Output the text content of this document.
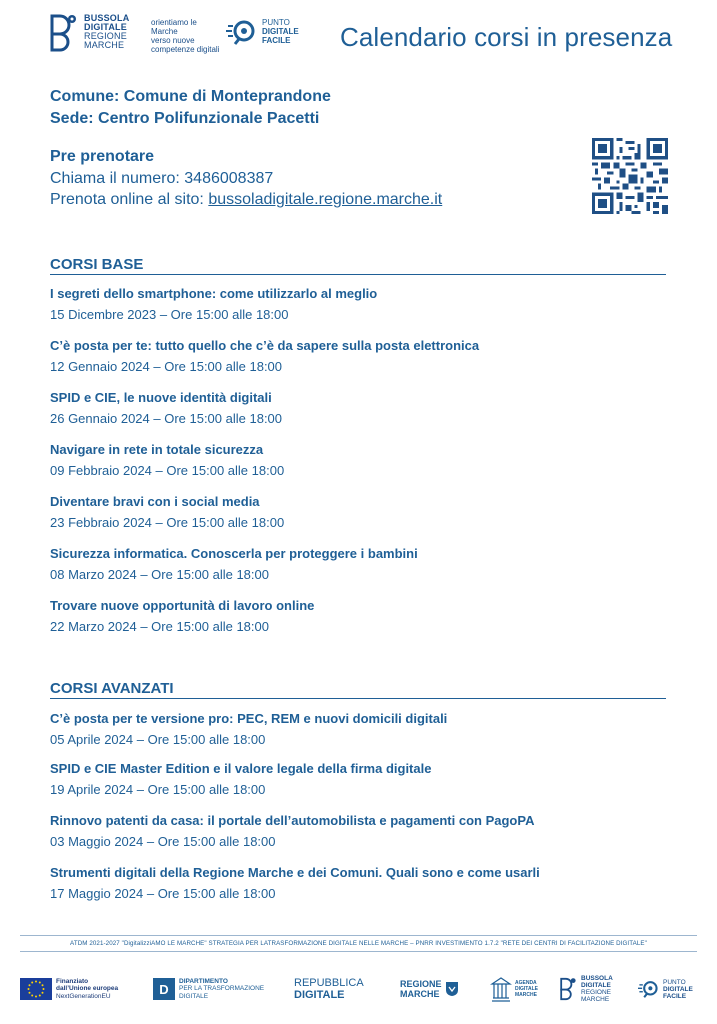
BUSSOLA
DIGITALE
REGIONE
MARCHE
orientiamo le
Marche
verso nuove
competenze digitali
PUNTO
DIGITALE
FACILE	Calendario corsi in presenza
Comune: Comune di Monteprandone
Sede: Centro Polifunzionale Pacetti
Pre prenotare
Chiama il numero: 3486008387
Prenota online al sito: bussoladigitale.regione.marche.it
CORSI BASE
I segreti dello smartphone: come utilizzarlo al meglio
15 Dicembre 2023 – Ore 15:00 alle 18:00
C’è posta per te: tutto quello che c’è da sapere sulla posta elettronica
12 Gennaio 2024 – Ore 15:00 alle 18:00
SPID e CIE, le nuove identità digitali
26 Gennaio 2024 – Ore 15:00 alle 18:00
Navigare in rete in totale sicurezza
09 Febbraio 2024 – Ore 15:00 alle 18:00
Diventare bravi con i social media
23 Febbraio 2024 – Ore 15:00 alle 18:00
Sicurezza informatica. Conoscerla per proteggere i bambini
08 Marzo 2024 – Ore 15:00 alle 18:00
Trovare nuove opportunità di lavoro online
22 Marzo 2024 – Ore 15:00 alle 18:00
CORSI AVANZATI
C’è posta per te versione pro: PEC, REM e nuovi domicili digitali
05 Aprile 2024 – Ore 15:00 alle 18:00
SPID e CIE Master Edition e il valore legale della firma digitale
19 Aprile 2024 – Ore 15:00 alle 18:00
Rinnovo patenti da casa: il portale dell’automobilista e pagamenti con PagoPA
03 Maggio 2024 – Ore 15:00 alle 18:00
Strumenti digitali della Regione Marche e dei Comuni. Quali sono e come usarli
17 Maggio 2024 – Ore 15:00 alle 18:00
ATDM 2021-2027 "DigitalizziAMO LE MARCHE" STRATEGIA PER LATRASFORMAZIONE DIGITALE NELLE MARCHE – PNRR INVESTIMENTO 1.7.2 "RETE DEI CENTRI DI FACILITAZIONE DIGITALE"
Finanziato
dall’Unione europea
NextGenerationEU	D
DIPARTIMENTO
PER LA TRASFORMAZIONE
DIGITALE
REPUBBLICA
DIGITALE
REGIONE
MARCHE
AGENDA
DIGITALE
MARCHE
BUSSOLA
DIGITALE
REGIONE
MARCHE
PUNTO
DIGITALE
FACILE
